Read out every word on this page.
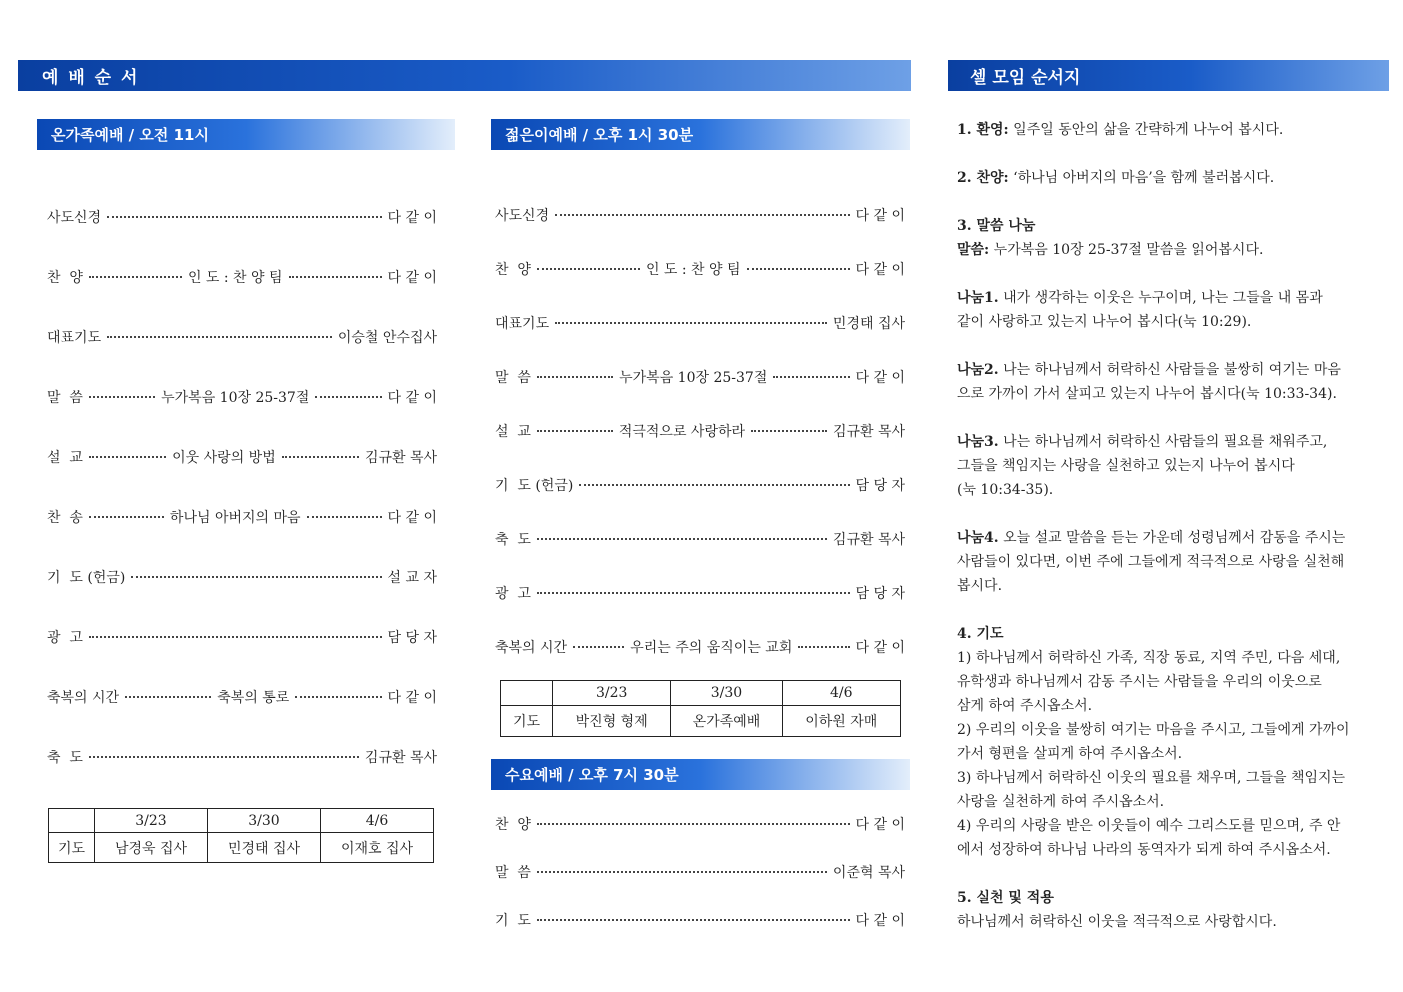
예 배 순 서	셀 모임 순서지
온가족예배 / 오전 11시
사도신경	다 같 이
찬  양	인 도 : 찬 양 팀	다 같 이
대표기도	이승철 안수집사
말  씀	누가복음 10장 25-37절	다 같 이
설  교	이웃 사랑의 방법	김규환 목사
찬  송	하나님 아버지의 마음	다 같 이
기  도 (헌금)	설 교 자
광  고	담 당 자
축복의 시간	축복의 통로	다 같 이
축  도	김규환 목사
	3/23	3/30	4/6
기도	남경욱 집사	민경태 집사	이재호 집사
젊은이예배 / 오후 1시 30분
사도신경	다 같 이
찬  양	인 도 : 찬 양 팀	다 같 이
대표기도	민경태 집사
말  씀	누가복음 10장 25-37절	다 같 이
설  교	적극적으로 사랑하라	김규환 목사
기  도 (헌금)	담 당 자
축  도	김규환 목사
광  고	담 당 자
축복의 시간	우리는 주의 움직이는 교회	다 같 이
	3/23	3/30	4/6
기도	박진형 형제	온가족예배	이하원 자매
수요예배 / 오후 7시 30분
찬  양	다 같 이
말  씀	이준혁 목사
기  도	다 같 이

1. 환영: 일주일 동안의 삶을 간략하게 나누어 봅시다.

2. 찬양: ‘하나님 아버지의 마음’을 함께 불러봅시다.

3. 말씀 나눔

말씀: 누가복음 10장 25-37절 말씀을 읽어봅시다.

나눔1. 내가 생각하는 이웃은 누구이며, 나는 그들을 내 몸과

같이 사랑하고 있는지 나누어 봅시다(눅 10:29).

나눔2. 나는 하나님께서 허락하신 사람들을 불쌍히 여기는 마음

으로 가까이 가서 살피고 있는지 나누어 봅시다(눅 10:33-34).

나눔3. 나는 하나님께서 허락하신 사람들의 필요를 채워주고,

그들을 책임지는 사랑을 실천하고 있는지 나누어 봅시다

(눅 10:34-35).

나눔4. 오늘 설교 말씀을 듣는 가운데 성령님께서 감동을 주시는

사람들이 있다면, 이번 주에 그들에게 적극적으로 사랑을 실천해

봅시다.

4. 기도

1) 하나님께서 허락하신 가족, 직장 동료, 지역 주민, 다음 세대,

유학생과 하나님께서 감동 주시는 사람들을 우리의 이웃으로

삼게 하여 주시옵소서.

2) 우리의 이웃을 불쌍히 여기는 마음을 주시고, 그들에게 가까이

가서 형편을 살피게 하여 주시옵소서.

3) 하나님께서 허락하신 이웃의 필요를 채우며, 그들을 책임지는

사랑을 실천하게 하여 주시옵소서.

4) 우리의 사랑을 받은 이웃들이 예수 그리스도를 믿으며, 주 안

에서 성장하여 하나님 나라의 동역자가 되게 하여 주시옵소서.

5. 실천 및 적용

하나님께서 허락하신 이웃을 적극적으로 사랑합시다.
